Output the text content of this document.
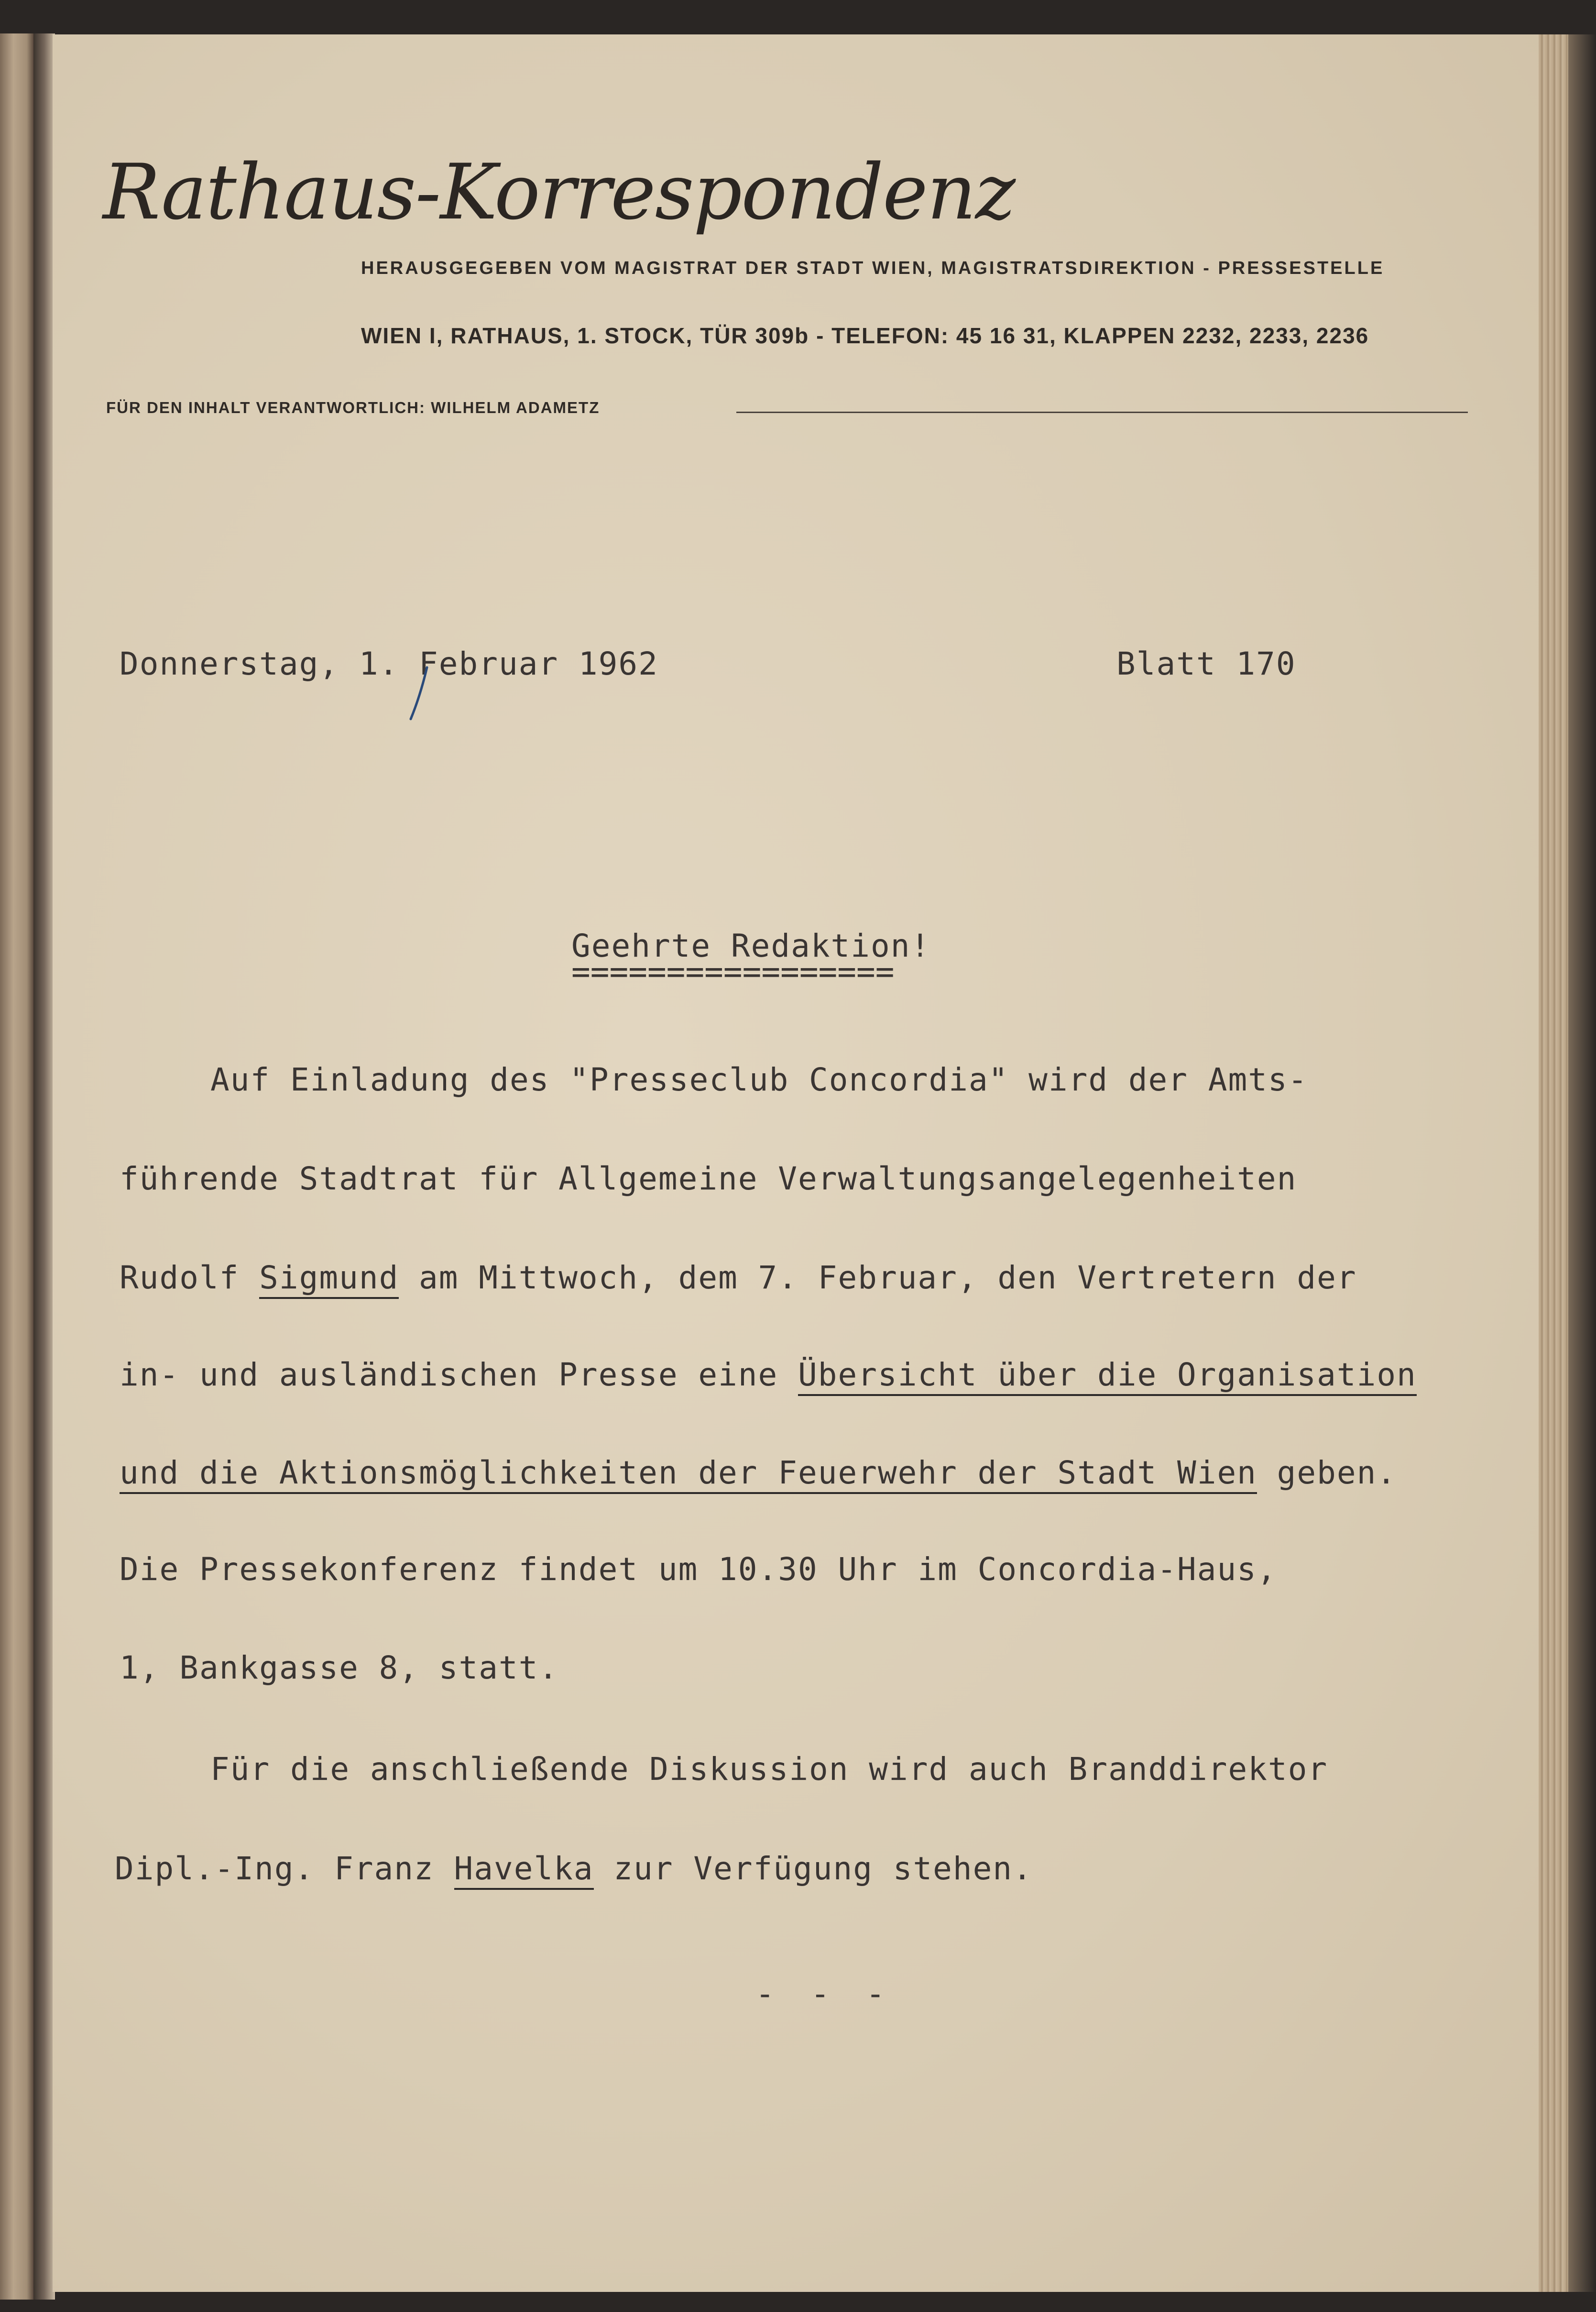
Rathaus-Korrespondenz
HERAUSGEGEBEN VOM MAGISTRAT DER STADT WIEN, MAGISTRATSDIREKTION - PRESSESTELLE
WIEN I, RATHAUS, 1. STOCK, TÜR 309b - TELEFON: 45 16 31, KLAPPEN 2232, 2233, 2236
FÜR DEN INHALT VERANTWORTLICH: WILHELM ADAMETZ
Donnerstag, 1. Februar 1962	Blatt 170
Geehrte Redaktion!
=================
Auf Einladung des "Presseclub Concordia" wird der Amts-
führende Stadtrat für Allgemeine Verwaltungsangelegenheiten
Rudolf Sigmund am Mittwoch, dem 7. Februar, den Vertretern der
in- und ausländischen Presse eine Übersicht über die Organisation
und die Aktionsmöglichkeiten der Feuerwehr der Stadt Wien geben.
Die Pressekonferenz findet um 10.30 Uhr im Concordia-Haus,
1, Bankgasse 8, statt.
Für die anschließende Diskussion wird auch Branddirektor
Dipl.-Ing. Franz Havelka zur Verfügung stehen.
- - -
